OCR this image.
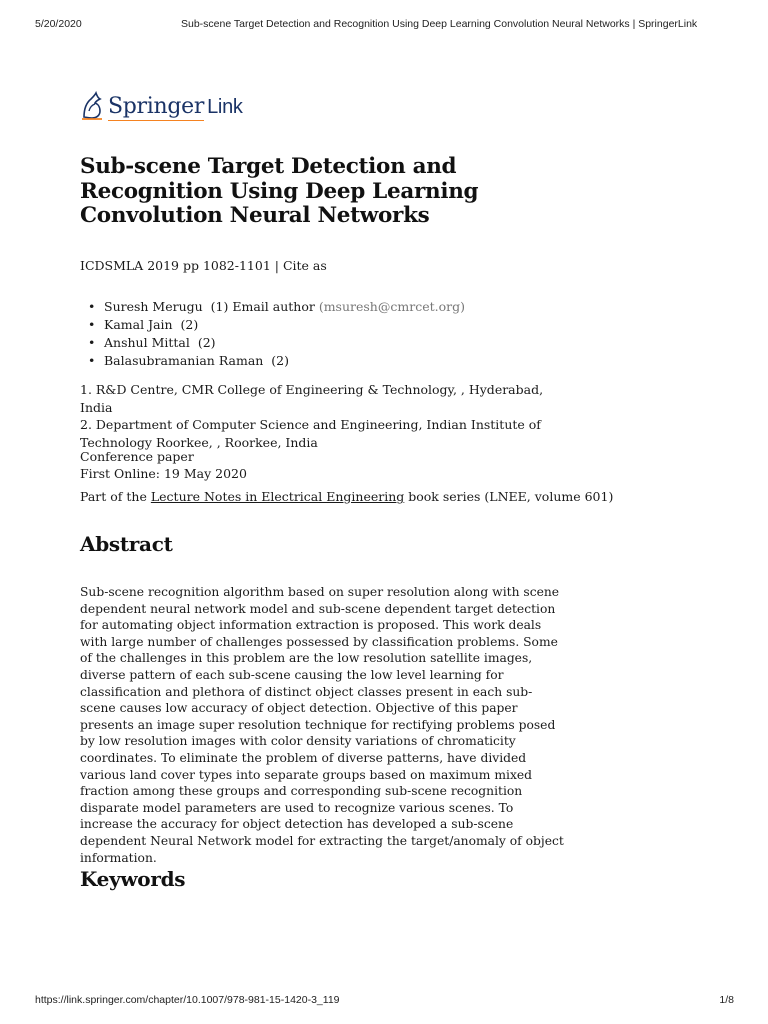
5/20/2020	Sub-scene Target Detection and Recognition Using Deep Learning Convolution Neural Networks | SpringerLink
Springer Link
Sub-scene Target Detection and Recognition Using Deep Learning Convolution Neural Networks
ICDSMLA 2019 pp 1082-1101 | Cite as
• Suresh Merugu (1) Email author (msuresh@cmrcet.org)
• Kamal Jain (2)
• Anshul Mittal (2)
• Balasubramanian Raman (2)
1. R&D Centre, CMR College of Engineering & Technology, , Hyderabad, India
2. Department of Computer Science and Engineering, Indian Institute of Technology Roorkee, , Roorkee, India
Conference paper
First Online: 19 May 2020
Part of the Lecture Notes in Electrical Engineering book series (LNEE, volume 601)
Abstract

Sub-scene recognition algorithm based on super resolution along with scene dependent neural network model and sub-scene dependent target detection for automating object information extraction is proposed. This work deals with large number of challenges possessed by classification problems. Some of the challenges in this problem are the low resolution satellite images, diverse pattern of each sub-scene causing the low level learning for classification and plethora of distinct object classes present in each sub-scene causes low accuracy of object detection. Objective of this paper presents an image super resolution technique for rectifying problems posed by low resolution images with color density variations of chromaticity coordinates. To eliminate the problem of diverse patterns, have divided various land cover types into separate groups based on maximum mixed fraction among these groups and corresponding sub-scene recognition disparate model parameters are used to recognize various scenes. To increase the accuracy for object detection has developed a sub-scene dependent Neural Network model for extracting the target/anomaly of object information.

Keywords
https://link.springer.com/chapter/10.1007/978-981-15-1420-3_119	1/8
